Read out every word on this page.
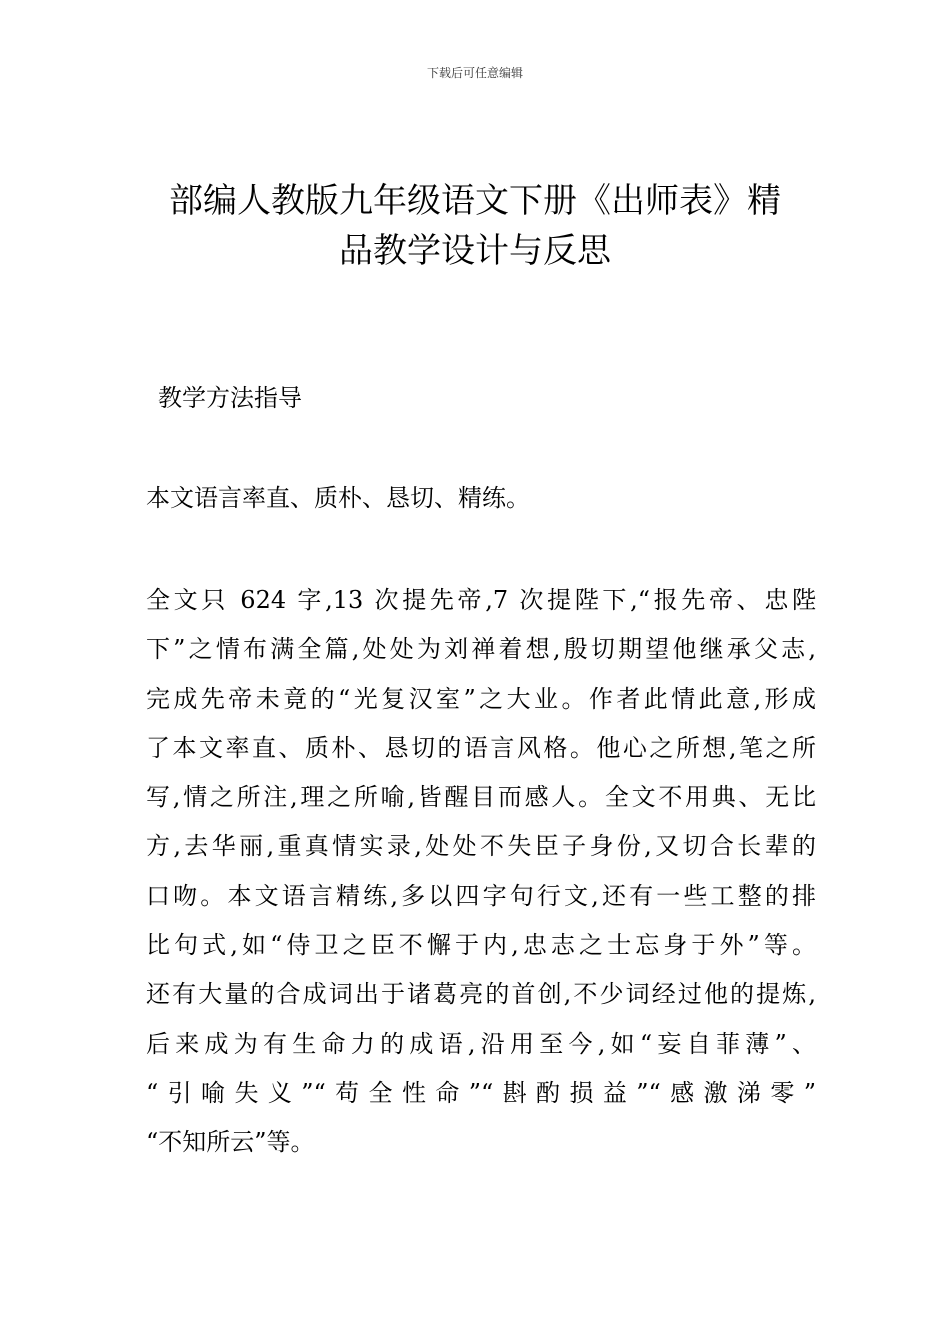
下载后可任意编辑
部编人教版九年级语文下册《出师表》精
品教学设计与反思
教学方法指导

本文语言率直、质朴、恳切、精练。

全文只 624 字,13 次提先帝,7 次提陛下,“报先帝、忠陛
下”之情布满全篇,处处为刘禅着想,殷切期望他继承父志,
完成先帝未竟的“光复汉室”之大业。作者此情此意,形成
了本文率直、质朴、恳切的语言风格。他心之所想,笔之所
写,情之所注,理之所喻,皆醒目而感人。全文不用典、无比
方,去华丽,重真情实录,处处不失臣子身份,又切合长辈的
口吻。本文语言精练,多以四字句行文,还有一些工整的排
比句式,如“侍卫之臣不懈于内,忠志之士忘身于外”等。
还有大量的合成词出于诸葛亮的首创,不少词经过他的提炼,
后来成为有生命力的成语,沿用至今,如“妄自菲薄”、
“引喻失义”“苟全性命”“斟酌损益”“感激涕零”
“不知所云”等。
